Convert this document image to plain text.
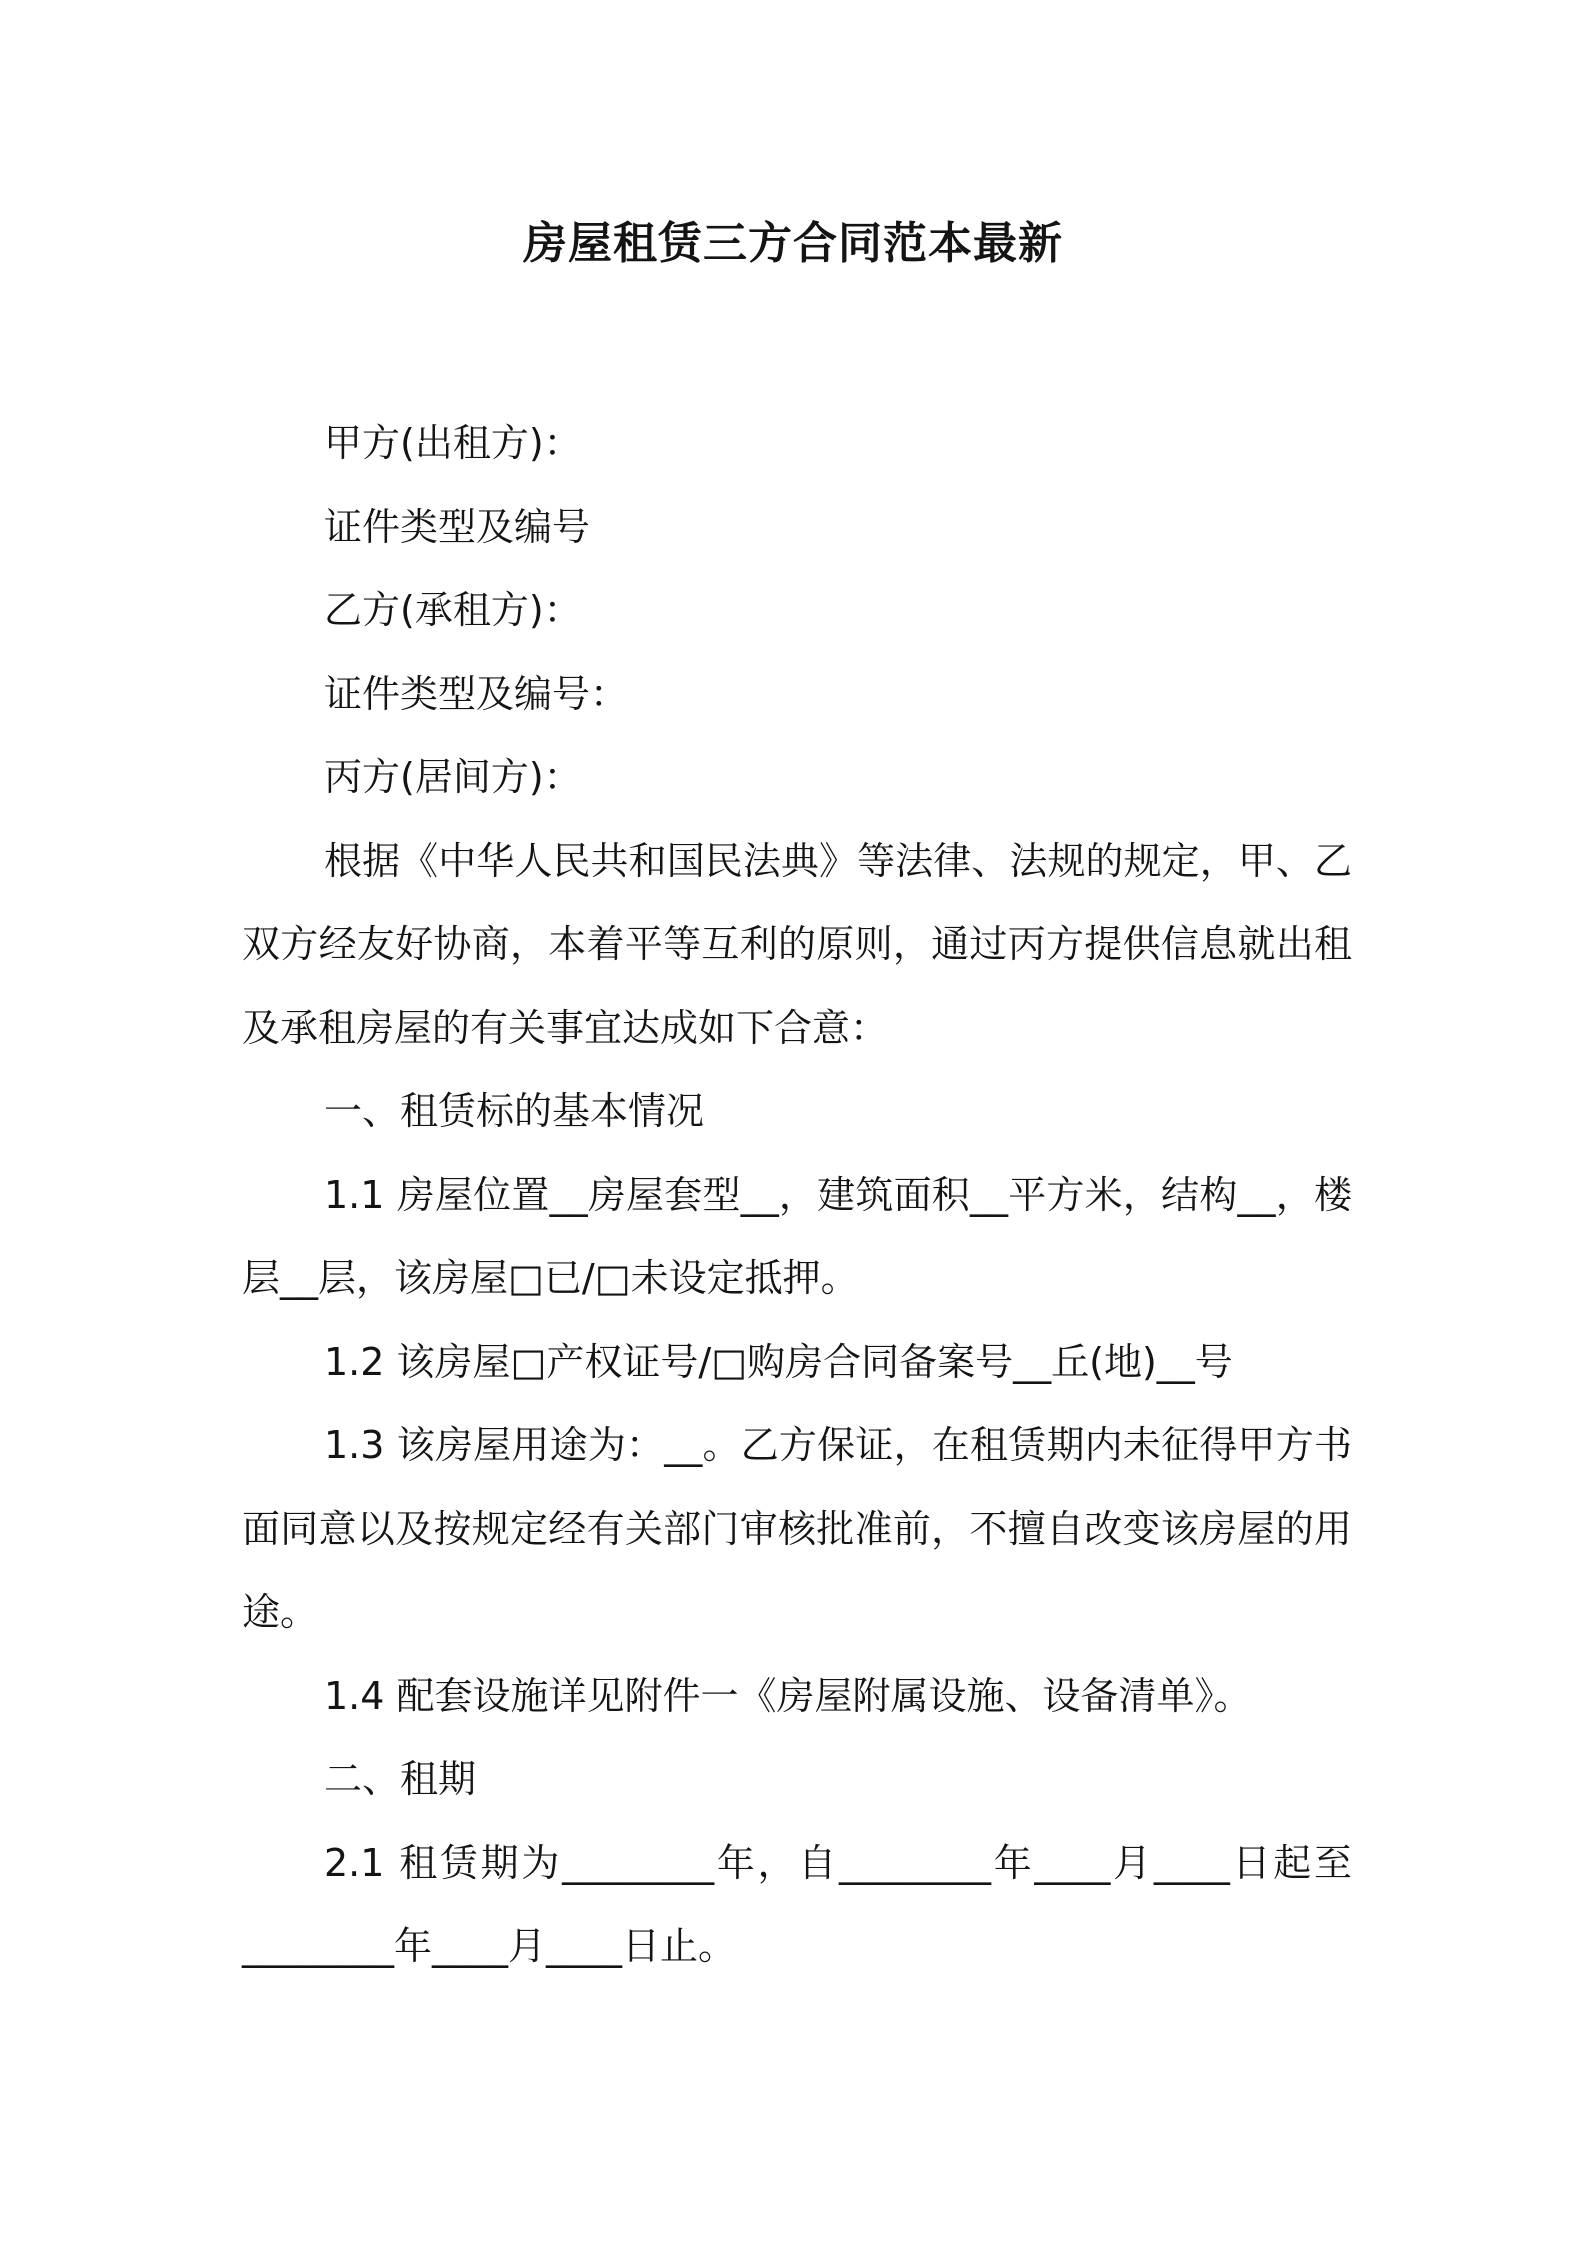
房屋租赁三方合同范本最新

甲方(出租方)：

证件类型及编号

乙方(承租方)：

证件类型及编号：

丙方(居间方)：

根据《中华人民共和国民法典》等法律、法规的规定，甲、乙双方经友好协商，本着平等互利的原则，通过丙方提供信息就出租及承租房屋的有关事宜达成如下合意：

一、租赁标的基本情况

1.1 房屋位置__房屋套型__，建筑面积__平方米，结构__，楼层__层，该房屋□已/□未设定抵押。

1.2 该房屋□产权证号/□购房合同备案号__丘(地)__号

1.3 该房屋用途为：__。乙方保证，在租赁期内未征得甲方书面同意以及按规定经有关部门审核批准前，不擅自改变该房屋的用途。

1.4 配套设施详见附件一《房屋附属设施、设备清单》。

二、租期

2.1 租赁期为________年，自________年____月____日起至________年____月____日止。
